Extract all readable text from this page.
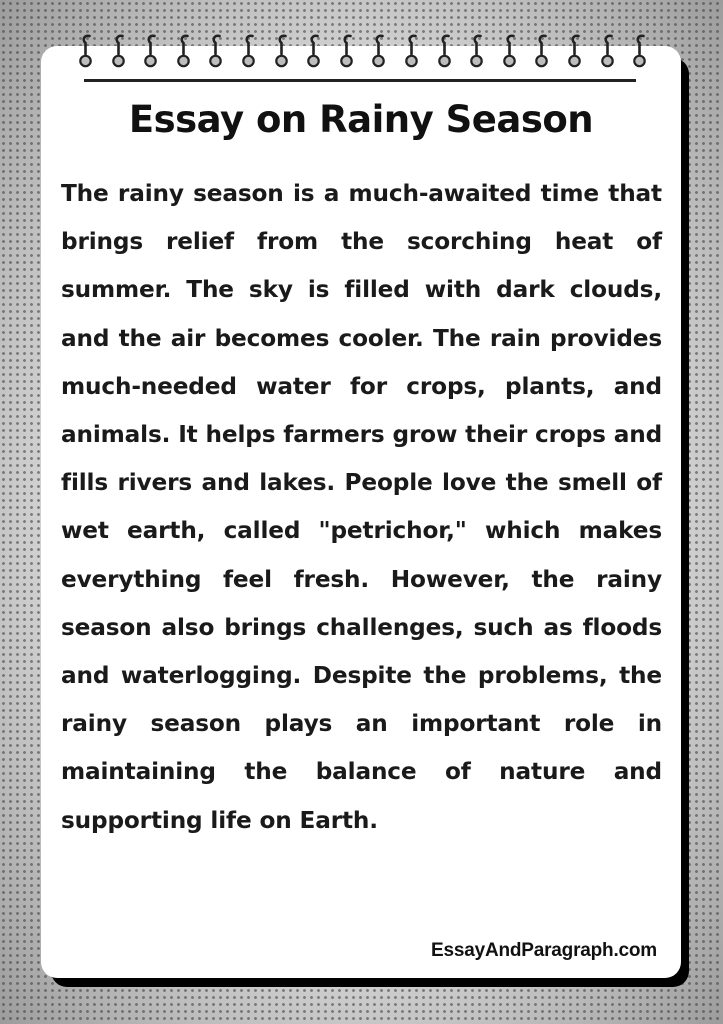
Essay on Rainy Season

The rainy season is a much-awaited time that brings relief from the scorching heat of summer. The sky is filled with dark clouds, and the air becomes cooler. The rain provides much-needed water for crops, plants, and animals. It helps farmers grow their crops and fills rivers and lakes. People love the smell of wet earth, called "petrichor," which makes everything feel fresh. However, the rainy season also brings challenges, such as floods and waterlogging. Despite the problems, the rainy season plays an important role in maintaining the balance of nature and supporting life on Earth.

EssayAndParagraph.com
